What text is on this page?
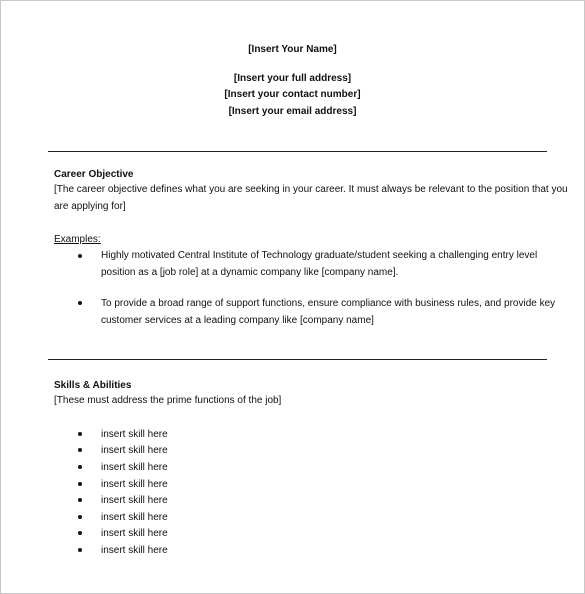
[Insert Your Name]
[Insert your full address]
[Insert your contact number]
[Insert your email address]
Career Objective
[The career objective defines what you are seeking in your career. It must always be relevant to the position that you
are applying for]
Examples:
Highly motivated Central Institute of Technology graduate/student seeking a challenging entry level
position as a [job role] at a dynamic company like [company name].
To provide a broad range of support functions, ensure compliance with business rules, and provide key
customer services at a leading company like [company name]
Skills & Abilities
[These must address the prime functions of the job]
insert skill here
insert skill here
insert skill here
insert skill here
insert skill here
insert skill here
insert skill here
insert skill here
